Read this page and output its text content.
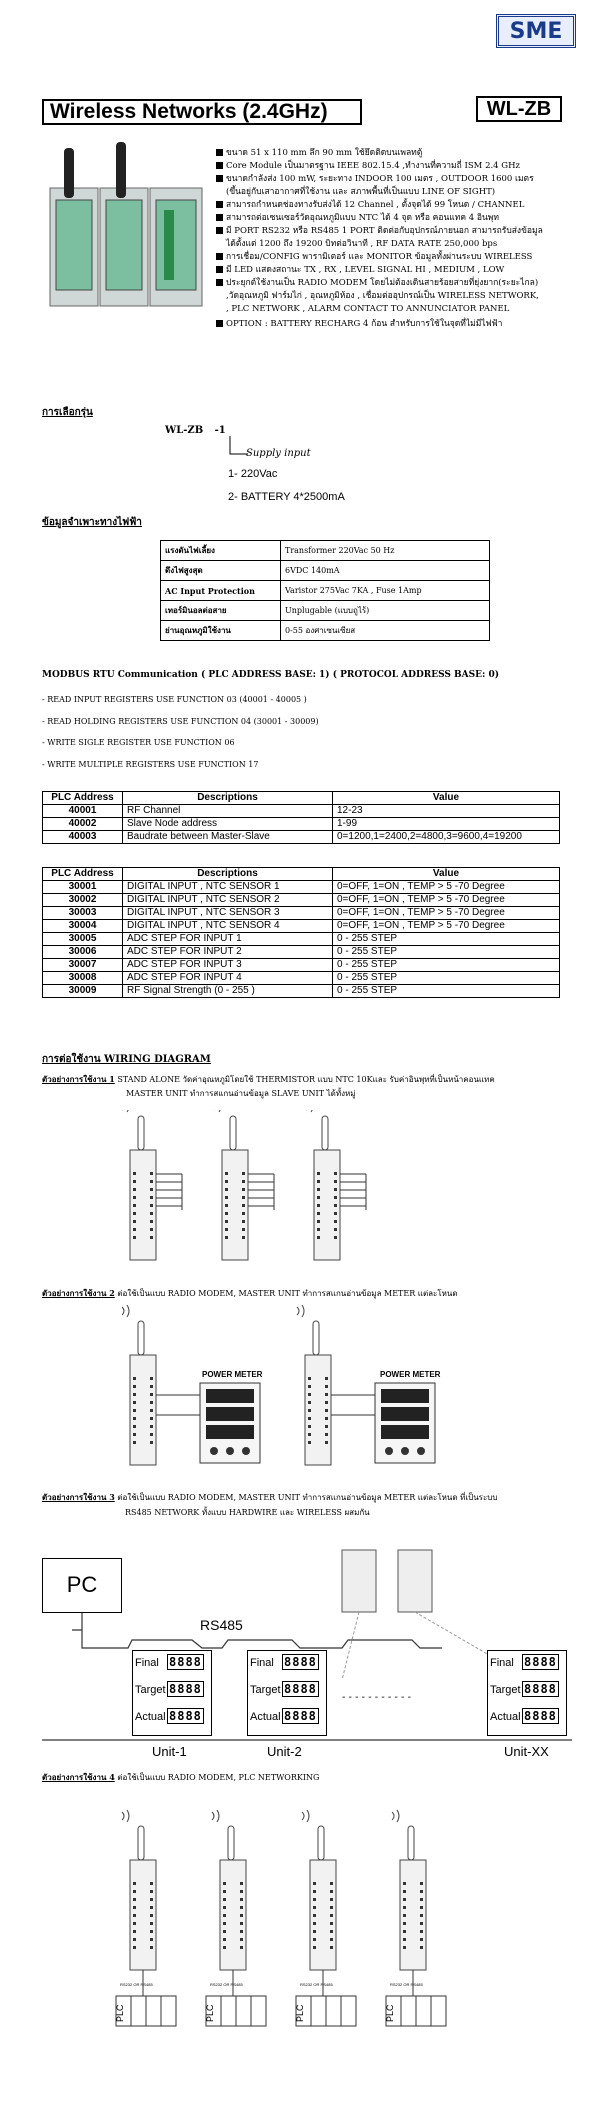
SME
Wireless Networks (2.4GHz)	WL-ZB
ขนาด 51 x 110 mm ลึก 90 mm ใช้ยึดติดบนเพลทตู้
Core Module เป็นมาตรฐาน IEEE 802.15.4 ,ทำงานที่ความถี่ ISM 2.4 GHz
ขนาดกำลังส่ง 100 mW, ระยะทาง INDOOR 100 เมตร , OUTDOOR 1600 เมตร
(ขึ้นอยู่กับเสาอากาศที่ใช้งาน และ สภาพพื้นที่เป็นแบบ LINE OF SIGHT)
สามารถกำหนดช่องทางรับส่งได้ 12 Channel , ตั้งจุดได้ 99 โหนด / CHANNEL
สามารถต่อเซนเซอร์วัดอุณหภูมิแบบ NTC ได้ 4 จุด หรือ คอนแทค 4 อินพุท
มี PORT RS232 หรือ RS485 1 PORT ติดต่อกับอุปกรณ์ภายนอก สามารถรับส่งข้อมูล
ได้ตั้งแต่ 1200 ถึง 19200 บิทต่อวินาที , RF DATA RATE 250,000 bps
การเชื่อม/CONFIG พารามิเตอร์ และ MONITOR ข้อมูลทั้งผ่านระบบ WIRELESS
มี LED แสดงสถานะ TX , RX , LEVEL SIGNAL HI , MEDIUM , LOW
ประยุกต์ใช้งานเป็น RADIO MODEM โดยไม่ต้องเดินสายร้อยสายที่ยุ่งยาก(ระยะไกล)
,วัดอุณหภูมิ ฟาร์มไก่ , อุณหภูมิห้อง , เชื่อมต่ออุปกรณ์เป็น WIRELESS NETWORK,
, PLC NETWORK , ALARM CONTACT TO ANNUNCIATOR PANEL
OPTION : BATTERY RECHARG 4 ก้อน สำหรับการใช้ในจุดที่ไม่มีไฟฟ้า
การเลือกรุ่น
WL-ZB -1
Supply input
1- 220Vac
2- BATTERY 4*2500mA
ข้อมูลจำเพาะทางไฟฟ้า
แรงดันไฟเลี้ยง	Transformer 220Vac 50 Hz
ดึงไฟสูงสุด	6VDC 140mA
AC Input Protection	Varistor 275Vac 7KA , Fuse 1Amp
เทอร์มินอลต่อสาย	Unplugable (แบบถูไร้)
ย่านอุณหภูมิใช้งาน	0-55 องศาเซนเซียส
MODBUS RTU Communication ( PLC ADDRESS BASE: 1) ( PROTOCOL ADDRESS BASE: 0)
- READ INPUT REGISTERS USE FUNCTION 03 (40001 - 40005 )
- READ HOLDING REGISTERS USE FUNCTION 04 (30001 - 30009)
- WRITE SIGLE REGISTER USE FUNCTION 06
- WRITE MULTIPLE REGISTERS USE FUNCTION 17
PLC Address	Descriptions	Value
40001	RF Channel	12-23
40002	Slave Node address	1-99
40003	Baudrate between Master-Slave	0=1200,1=2400,2=4800,3=9600,4=19200
PLC Address	Descriptions	Value
30001	DIGITAL INPUT , NTC SENSOR 1	0=OFF, 1=ON , TEMP > 5 -70 Degree
30002	DIGITAL INPUT , NTC SENSOR 2	0=OFF, 1=ON , TEMP > 5 -70 Degree
30003	DIGITAL INPUT , NTC SENSOR 3	0=OFF, 1=ON , TEMP > 5 -70 Degree
30004	DIGITAL INPUT , NTC SENSOR 4	0=OFF, 1=ON , TEMP > 5 -70 Degree
30005	ADC STEP FOR INPUT 1	0 - 255 STEP
30006	ADC STEP FOR INPUT 2	0 - 255 STEP
30007	ADC STEP FOR INPUT 3	0 - 255 STEP
30008	ADC STEP FOR INPUT 4	0 - 255 STEP
30009	RF Signal Strength (0 - 255 )	0 - 255 STEP
การต่อใช้งาน WIRING DIAGRAM
ตัวอย่างการใช้งาน 1 STAND ALONE วัดค่าอุณหภูมิโดยใช้ THERMISTOR แบบ NTC 10Kและ รับค่าอินพุทที่เป็นหน้าคอนแทค
MASTER UNIT ทำการสแกนอ่านข้อมูล SLAVE UNIT ได้ทั้งหมู่
ตัวอย่างการใช้งาน 2 ต่อใช้เป็นแบบ RADIO MODEM, MASTER UNIT ทำการสแกนอ่านข้อมูล METER แต่ละโหนด
POWER METER	POWER METER
ตัวอย่างการใช้งาน 3 ต่อใช้เป็นแบบ RADIO MODEM, MASTER UNIT ทำการสแกนอ่านข้อมูล METER แต่ละโหนด ที่เป็นระบบ
RS485 NETWORK ทั้งแบบ HARDWIRE และ WIRELESS ผสมกัน
PC
RS485
- - - - - - - - - - -
Final 8888
Target 8888
Actual 8888
Final 8888
Target 8888
Actual 8888
Final 8888
Target 8888
Actual 8888
Unit-1	Unit-2	Unit-XX
ตัวอย่างการใช้งาน 4 ต่อใช้เป็นแบบ RADIO MODEM, PLC NETWORKING
RS232 OR RS485
PLC
RS232 OR RS485
PLC
RS232 OR RS485
PLC
RS232 OR RS485
PLC
